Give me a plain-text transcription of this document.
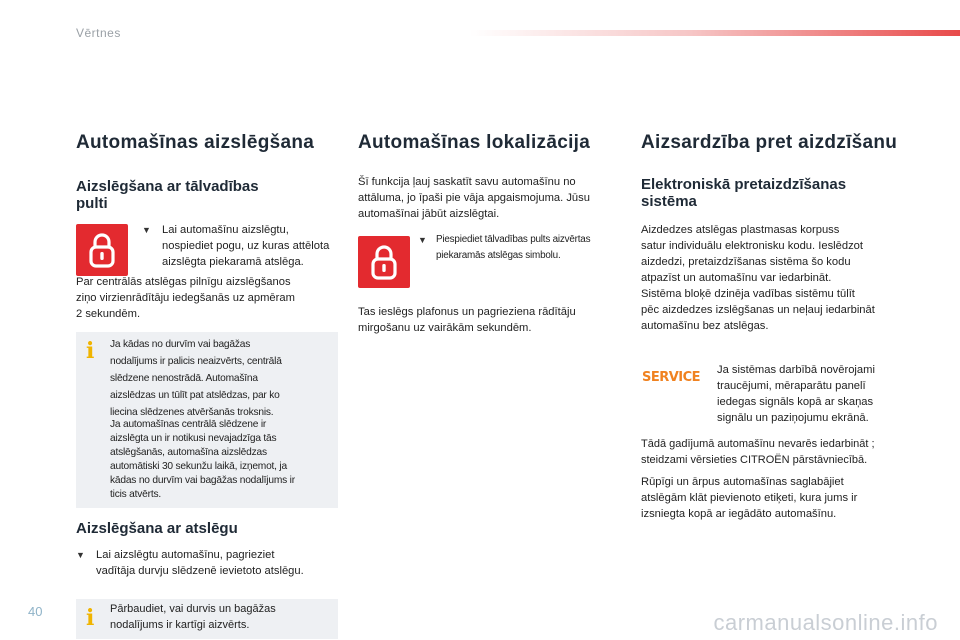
Vērtnes
Automašīnas aizslēgšana
Aizslēgšana ar tālvadības
pulti
▼ Lai automašīnu aizslēgtu,
nospiediet pogu, uz kuras attēlota
aizslēgta piekaramā atslēga.

Par centrālās atslēgas pilnīgu aizslēgšanos
ziņo virzienrādītāju iedegšanās uz apmēram
2 sekundēm.

i Ja kādas no durvīm vai bagāžas
nodalījums ir palicis neaizvērts, centrālā
slēdzene nenostrādā. Automašīna
aizslēdzas un tūlīt pat atslēdzas, par ko
liecina slēdzenes atvēršanās troksnis.
Ja automašīnas centrālā slēdzene ir
aizslēgta un ir notikusi nevajadzīga tās
atslēgšanās, automašīna aizslēdzas
automātiski 30 sekunžu laikā, izņemot, ja
kādas no durvīm vai bagāžas nodalījums ir
ticis atvērts.
Aizslēgšana ar atslēgu
▼ Lai aizslēgtu automašīnu, pagrieziet
vadītāja durvju slēdzenē ievietoto atslēgu.
i Pārbaudiet, vai durvis un bagāžas
nodalījums ir kartīgi aizvērts.

Automašīnas lokalizācija

Šī funkcija ļauj saskatīt savu automašīnu no
attāluma, jo īpaši pie vāja apgaismojuma. Jūsu
automašīnai jābūt aizslēgtai.

▼ Piespiediet tālvadības pults aizvērtas
piekaramās atslēgas simbolu.

Tas ieslēgs plafonus un pagrieziena rādītāju
mirgošanu uz vairākām sekundēm.

Aizsardzība pret aizdzīšanu
Elektroniskā pretaizdzīšanas
sistēma

Aizdedzes atslēgas plastmasas korpuss
satur individuālu elektronisku kodu. Ieslēdzot
aizdedzi, pretaizdzīšanas sistēma šo kodu
atpazīst un automašīnu var iedarbināt.
Sistēma bloķē dzinēja vadības sistēmu tūlīt
pēc aizdedzes izslēgšanas un neļauj iedarbināt
automašīnu bez atslēgas.

SERVICE Ja sistēmas darbībā novērojami
traucējumi, mēraparātu panelī
iedegas signāls kopā ar skaņas
signālu un paziņojumu ekrānā.

Tādā gadījumā automašīnu nevarēs iedarbināt ;
steidzami vērsieties CITROËN pārstāvniecībā.

Rūpīgi un ārpus automašīnas saglabājiet
atslēgām klāt pievienoto etiķeti, kura jums ir
izsniegta kopā ar iegādāto automašīnu.

40	carmanualsonline.info
